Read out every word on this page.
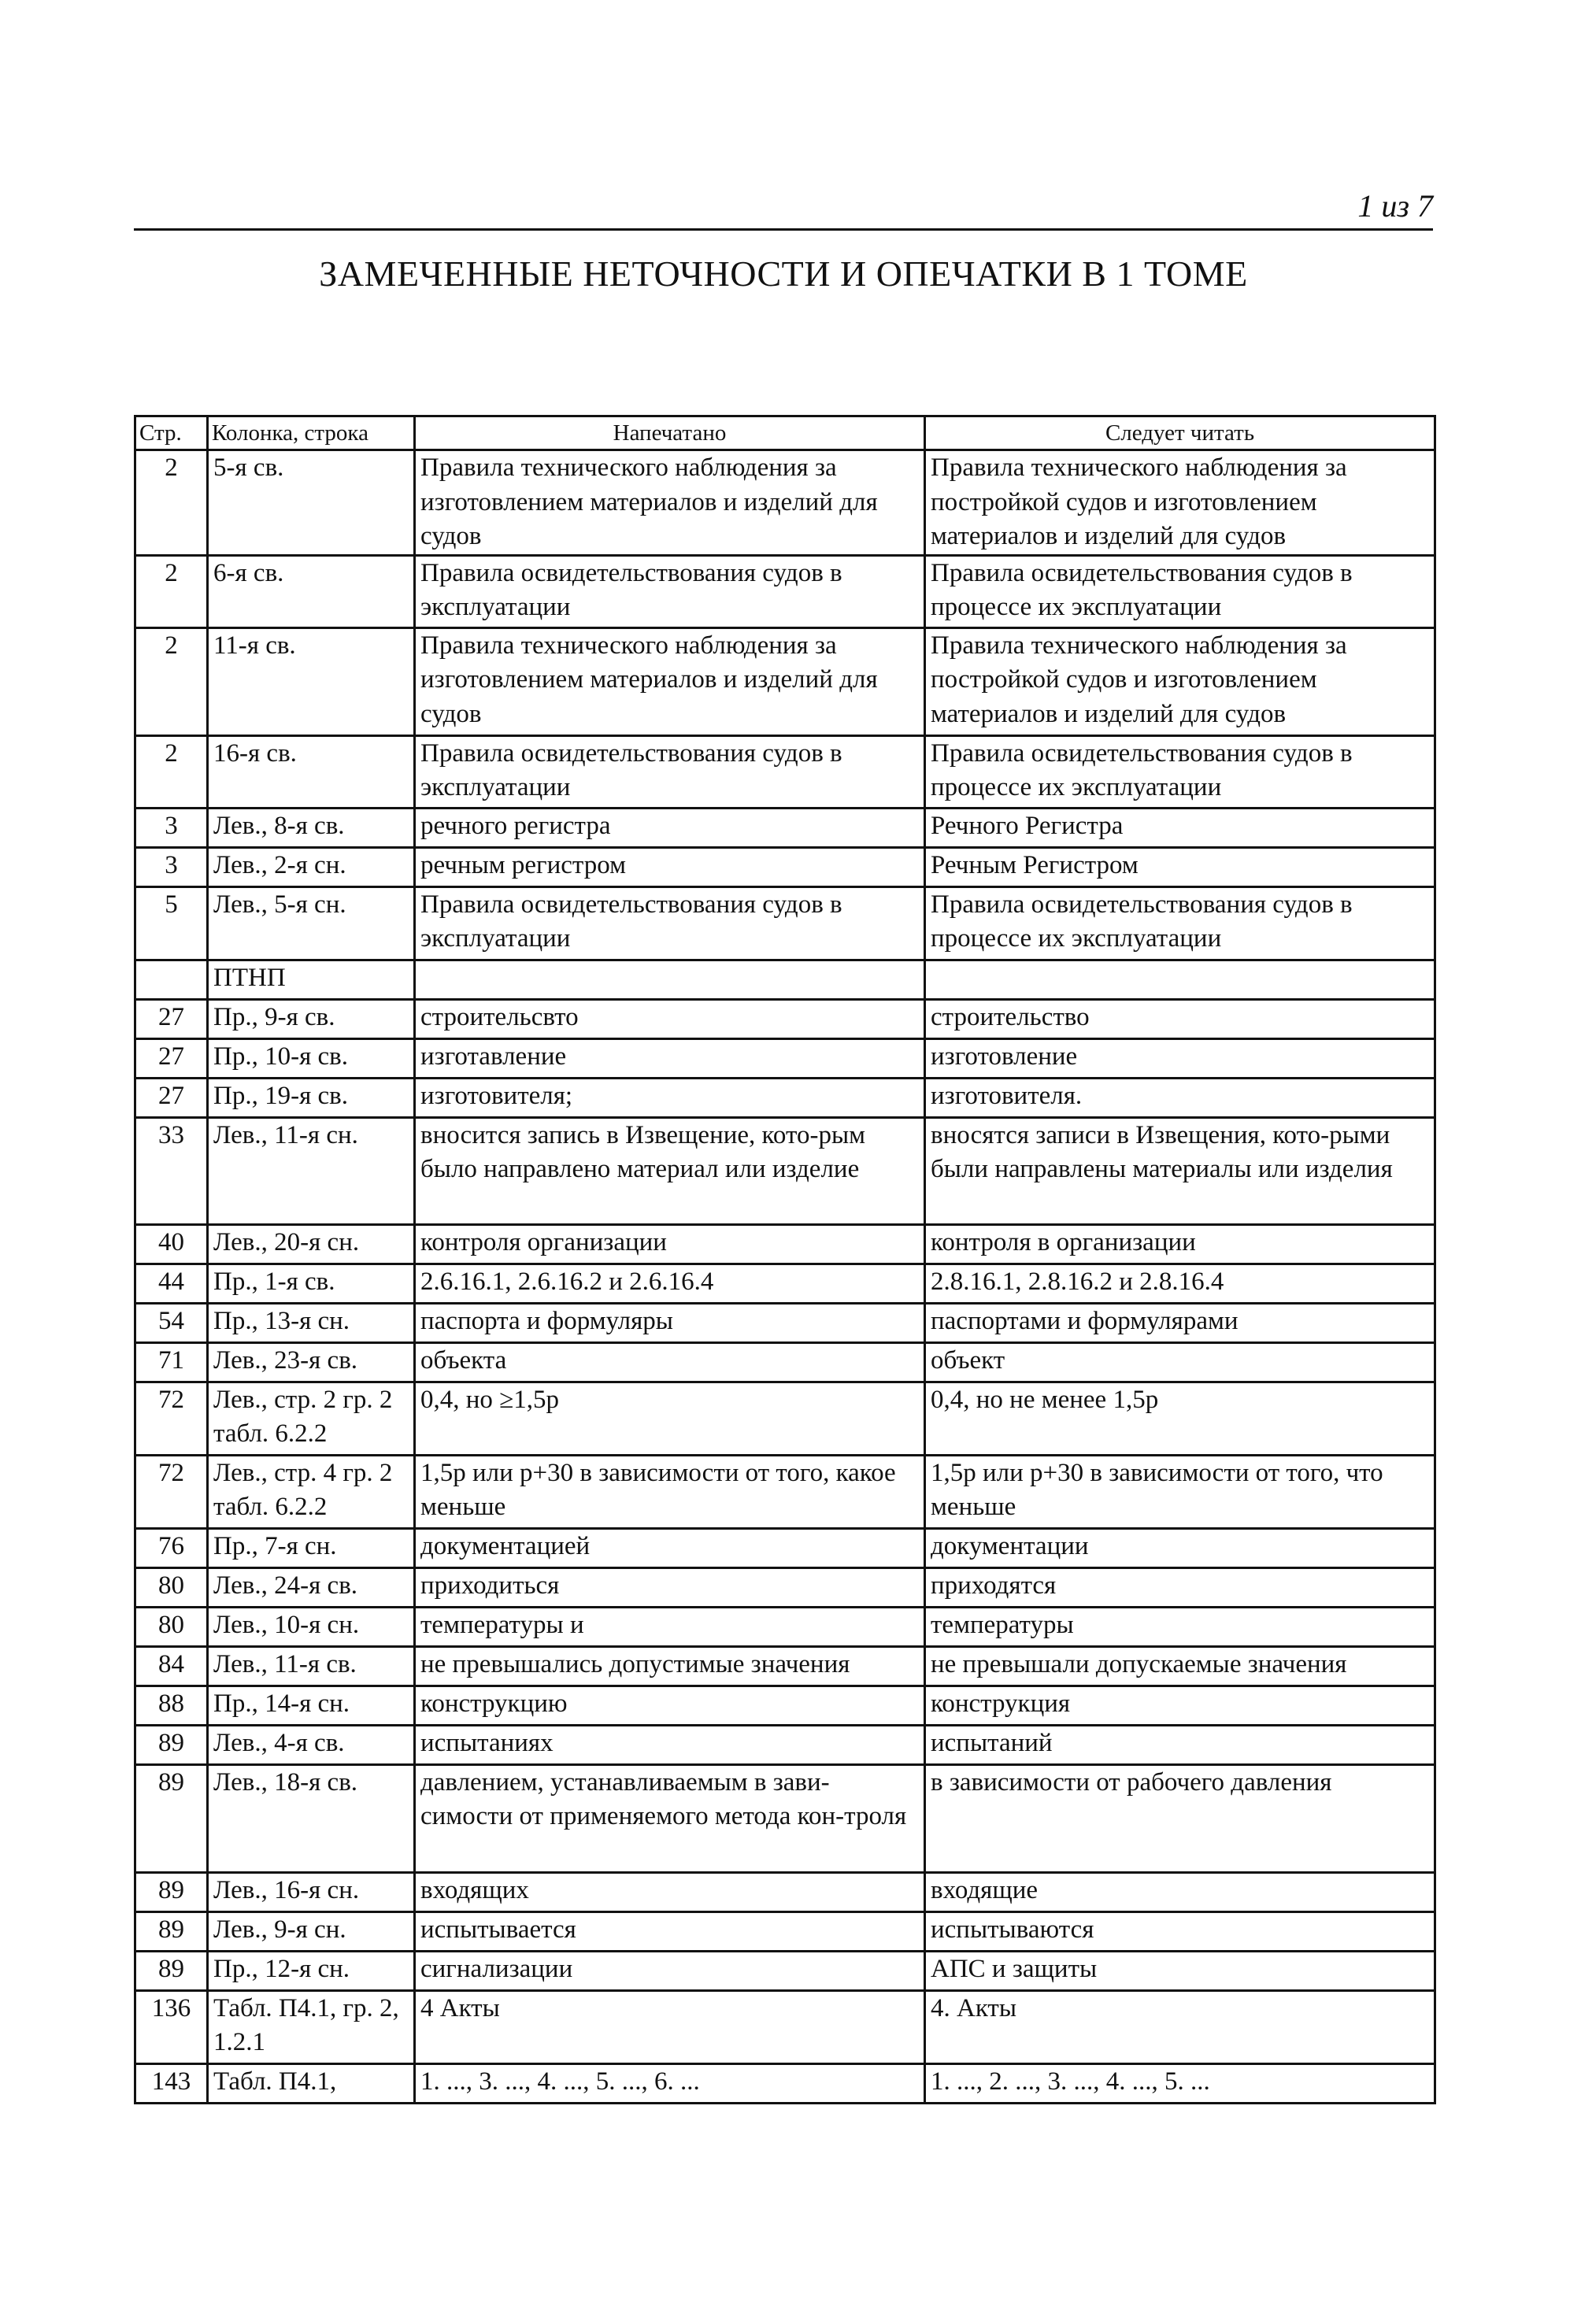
1 из 7
ЗАМЕЧЕННЫЕ НЕТОЧНОСТИ И ОПЕЧАТКИ В 1 ТОМЕ
Стр.	Колонка, строка	Напечатано	Следует читать
2	5-я св.	Правила технического наблюдения за изготовлением материалов и изделий для судов	Правила технического наблюдения за постройкой судов и изготовлением материалов и изделий для судов
2	6-я св.	Правила освидетельствования судов в эксплуатации	Правила освидетельствования судов в процессе их эксплуатации
2	11-я св.	Правила технического наблюдения за изготовлением материалов и изделий для судов	Правила технического наблюдения за постройкой судов и изготовлением материалов и изделий для судов
2	16-я св.	Правила освидетельствования судов в эксплуатации	Правила освидетельствования судов в процессе их эксплуатации
3	Лев., 8-я св.	речного регистра	Речного Регистра
3	Лев., 2-я сн.	речным регистром	Речным Регистром
5	Лев., 5-я сн.	Правила освидетельствования судов в эксплуатации	Правила освидетельствования судов в процессе их эксплуатации
	ПТНП		
27	Пр., 9-я св.	строительсвто	строительство
27	Пр., 10-я св.	изготавление	изготовление
27	Пр., 19-я св.	изготовителя;	изготовителя.
33	Лев., 11-я сн.	вносится запись в Извещение, кото-рым было направлено материал или изделие	вносятся записи в Извещения, кото-рыми были направлены материалы или изделия
40	Лев., 20-я сн.	контроля организации	контроля в организации
44	Пр., 1-я св.	2.6.16.1, 2.6.16.2 и 2.6.16.4	2.8.16.1, 2.8.16.2 и 2.8.16.4
54	Пр., 13-я сн.	паспорта и формуляры	паспортами и формулярами
71	Лев., 23-я св.	объекта	объект
72	Лев., стр. 2 гр. 2 табл. 6.2.2	0,4, но ≥1,5p	0,4, но не менее 1,5p
72	Лев., стр. 4 гр. 2 табл. 6.2.2	1,5p или p+30 в зависимости от того, какое меньше	1,5p или p+30 в зависимости от того, что меньше
76	Пр., 7-я сн.	документацией	документации
80	Лев., 24-я св.	приходиться	приходятся
80	Лев., 10-я сн.	температуры и	температуры
84	Лев., 11-я св.	не превышались допустимые значения	не превышали допускаемые значения
88	Пр., 14-я сн.	конструкцию	конструкция
89	Лев., 4-я св.	испытаниях	испытаний
89	Лев., 18-я св.	давлением, устанавливаемым в зави-симости от применяемого метода кон-троля	в зависимости от рабочего давления
89	Лев., 16-я сн.	входящих	входящие
89	Лев., 9-я сн.	испытывается	испытываются
89	Пр., 12-я сн.	сигнализации	АПС и защиты
136	Табл. П4.1, гр. 2, 1.2.1	4 Акты	4. Акты
143	Табл. П4.1,	1. ..., 3. ..., 4. ..., 5. ..., 6. ...	1. ..., 2. ..., 3. ..., 4. ..., 5. ...
